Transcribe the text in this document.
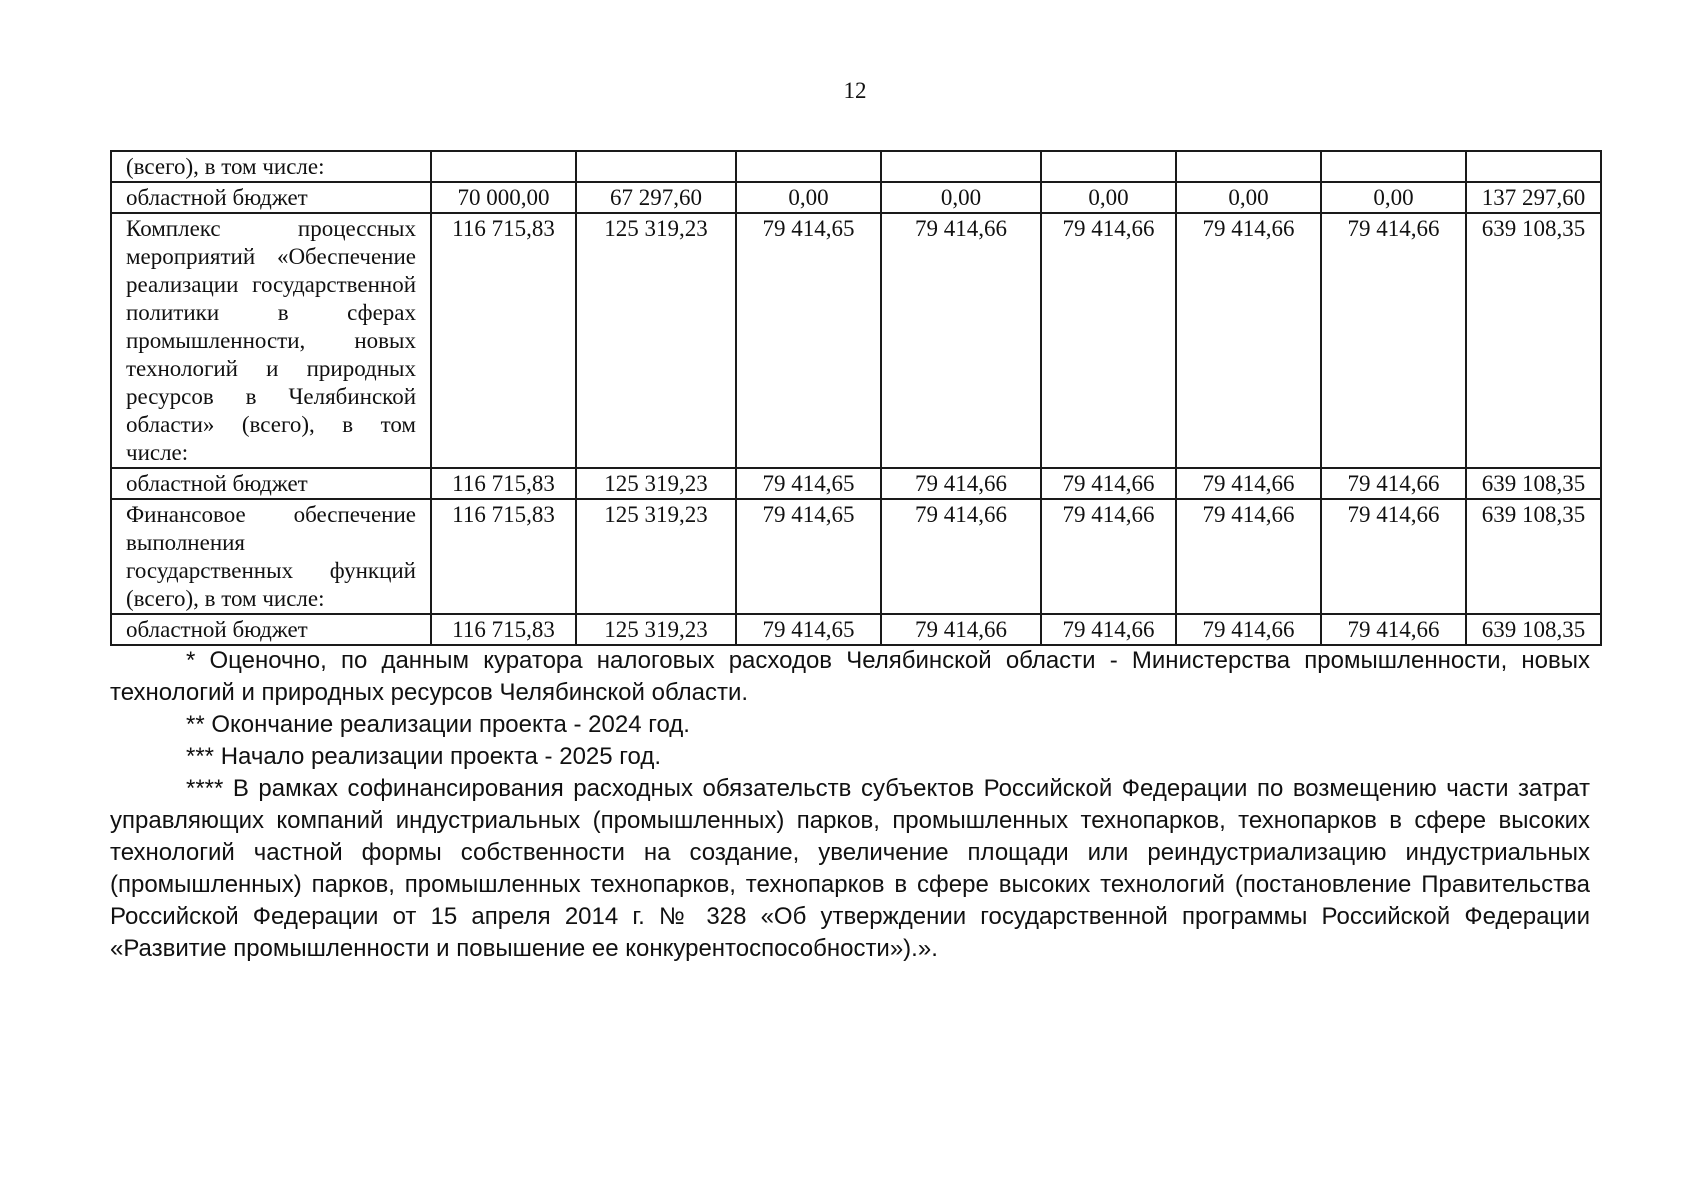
12
(всего), в том числе:								
областной бюджет	70 000,00	67 297,60	0,00	0,00	0,00	0,00	0,00	137 297,60
Комплекс процессных мероприятий «Обеспечение реализации государственной политики в сферах промышленности, новых технологий и природных ресурсов в Челябинской области» (всего), в том числе:	116 715,83	125 319,23	79 414,65	79 414,66	79 414,66	79 414,66	79 414,66	639 108,35
областной бюджет	116 715,83	125 319,23	79 414,65	79 414,66	79 414,66	79 414,66	79 414,66	639 108,35
Финансовое обеспечение выполнения государственных функций (всего), в том числе:	116 715,83	125 319,23	79 414,65	79 414,66	79 414,66	79 414,66	79 414,66	639 108,35
областной бюджет	116 715,83	125 319,23	79 414,65	79 414,66	79 414,66	79 414,66	79 414,66	639 108,35

* Оценочно, по данным куратора налоговых расходов Челябинской области - Министерства промышленности, новых технологий и природных ресурсов Челябинской области.

** Окончание реализации проекта - 2024 год.

*** Начало реализации проекта - 2025 год.

**** В рамках софинансирования расходных обязательств субъектов Российской Федерации по возмещению части затрат управляющих компаний индустриальных (промышленных) парков, промышленных технопарков, технопарков в сфере высоких технологий частной формы собственности на создание, увеличение площади или реиндустриализацию индустриальных (промышленных) парков, промышленных технопарков, технопарков в сфере высоких технологий (постановление Правительства Российской Федерации от 15 апреля 2014 г. № 328 «Об утверждении государственной программы Российской Федерации «Развитие промышленности и повышение ее конкурентоспособности»).».
